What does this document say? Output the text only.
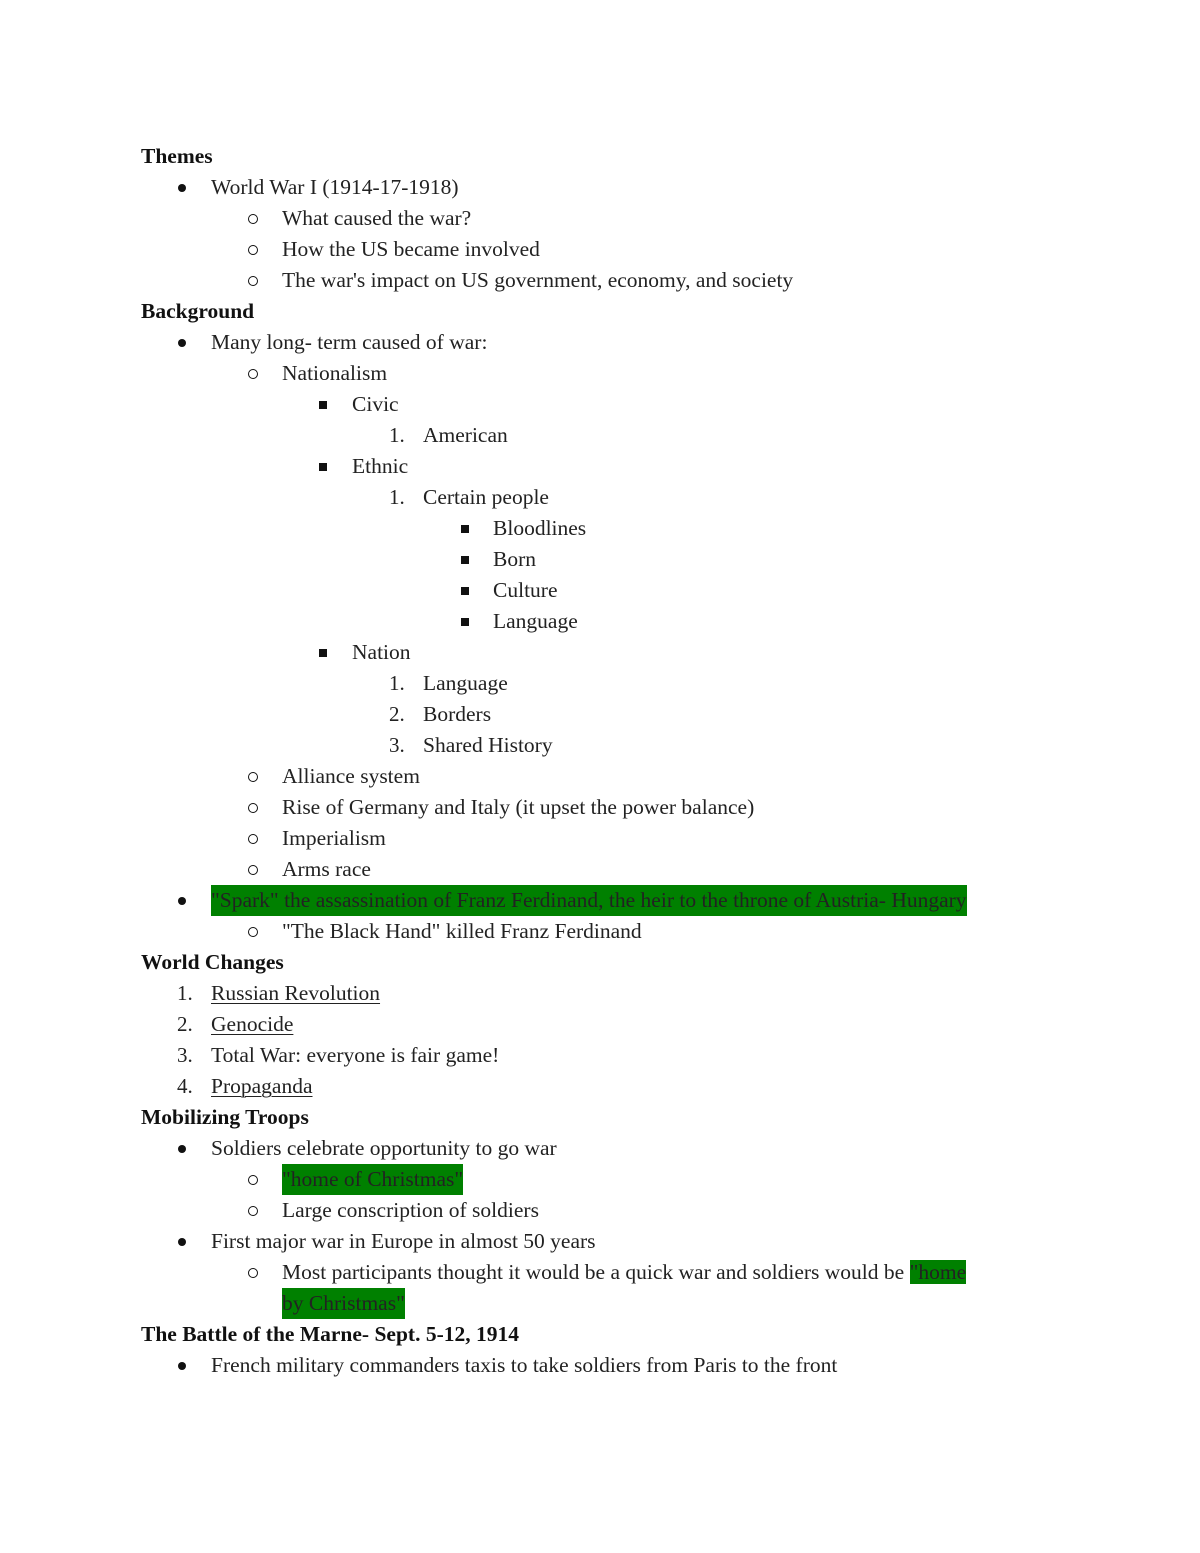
Themes
World War I (1914-17-1918)
What caused the war?
How the US became involved
The war's impact on US government, economy, and society
Background
Many long- term caused of war:
Nationalism
Civic
1. American
Ethnic
1. Certain people
Bloodlines
Born
Culture
Language
Nation
1. Language
2. Borders
3. Shared History
Alliance system
Rise of Germany and Italy (it upset the power balance)
Imperialism
Arms race
"Spark" the assassination of Franz Ferdinand, the heir to the throne of Austria- Hungary
"The Black Hand" killed Franz Ferdinand
World Changes
1. Russian Revolution
2. Genocide
3. Total War: everyone is fair game!
4. Propaganda
Mobilizing Troops
Soldiers celebrate opportunity to go war
"home of Christmas"
Large conscription of soldiers
First major war in Europe in almost 50 years
Most participants thought it would be a quick war and soldiers would be "home
by Christmas"
The Battle of the Marne- Sept. 5-12, 1914
French military commanders taxis to take soldiers from Paris to the front
